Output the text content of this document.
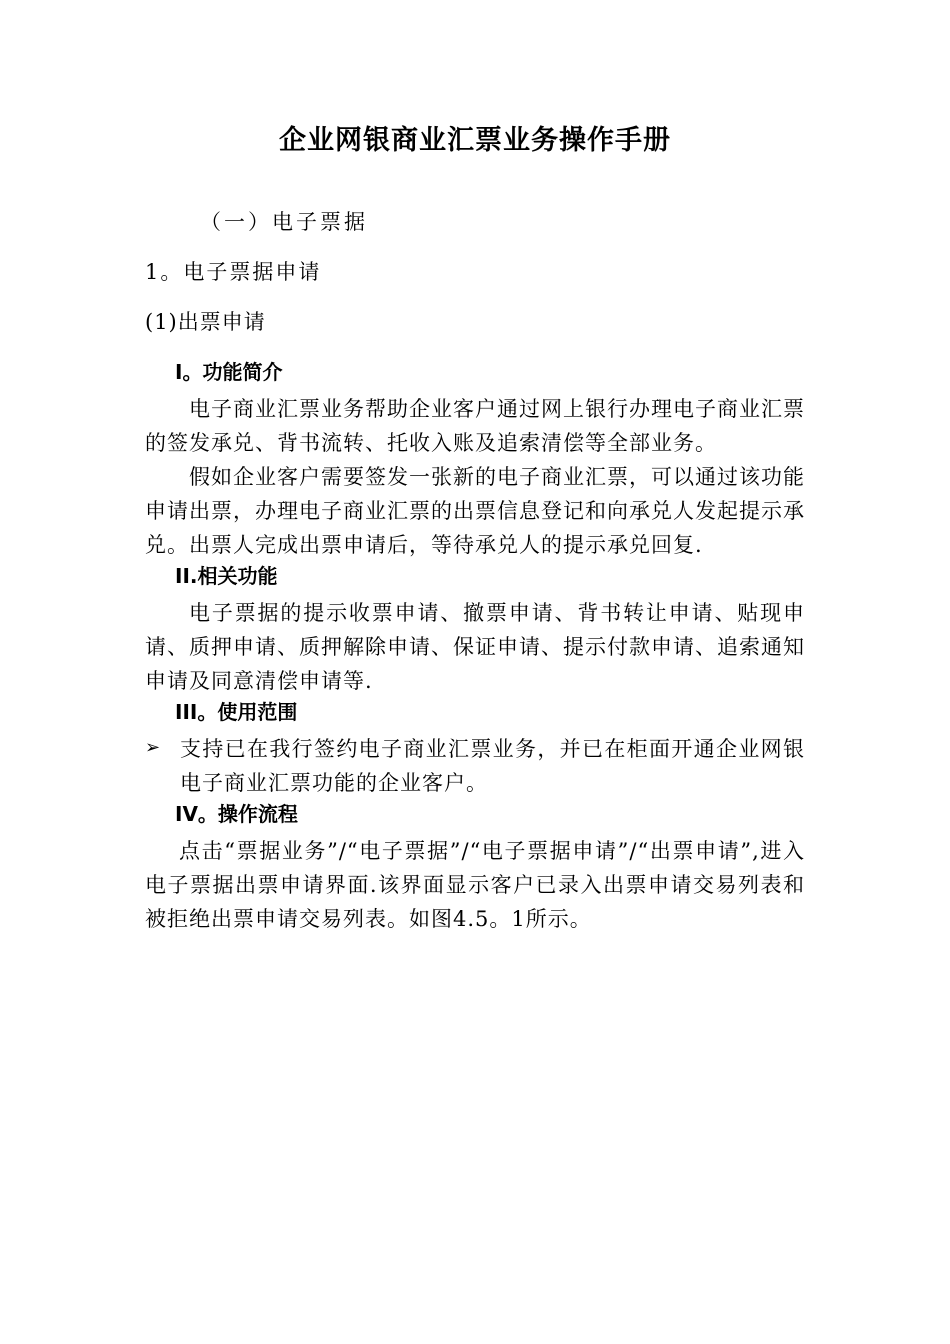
企业网银商业汇票业务操作手册
（一）电子票据
1。电子票据申请
(1)出票申请
I。功能简介
电子商业汇票业务帮助企业客户通过网上银行办理电子商业汇票的签发承兑、背书流转、托收入账及追索清偿等全部业务。
假如企业客户需要签发一张新的电子商业汇票，可以通过该功能申请出票，办理电子商业汇票的出票信息登记和向承兑人发起提示承兑。出票人完成出票申请后，等待承兑人的提示承兑回复.
II.相关功能
电子票据的提示收票申请、撤票申请、背书转让申请、贴现申请、质押申请、质押解除申请、保证申请、提示付款申请、追索通知申请及同意清偿申请等.
III。使用范围
➢ 支持已在我行签约电子商业汇票业务，并已在柜面开通企业网银电子商业汇票功能的企业客户。
IV。操作流程
点击“票据业务”/“电子票据”/“电子票据申请”/“出票申请”,进入电子票据出票申请界面.该界面显示客户已录入出票申请交易列表和被拒绝出票申请交易列表。如图4.5。1所示。
